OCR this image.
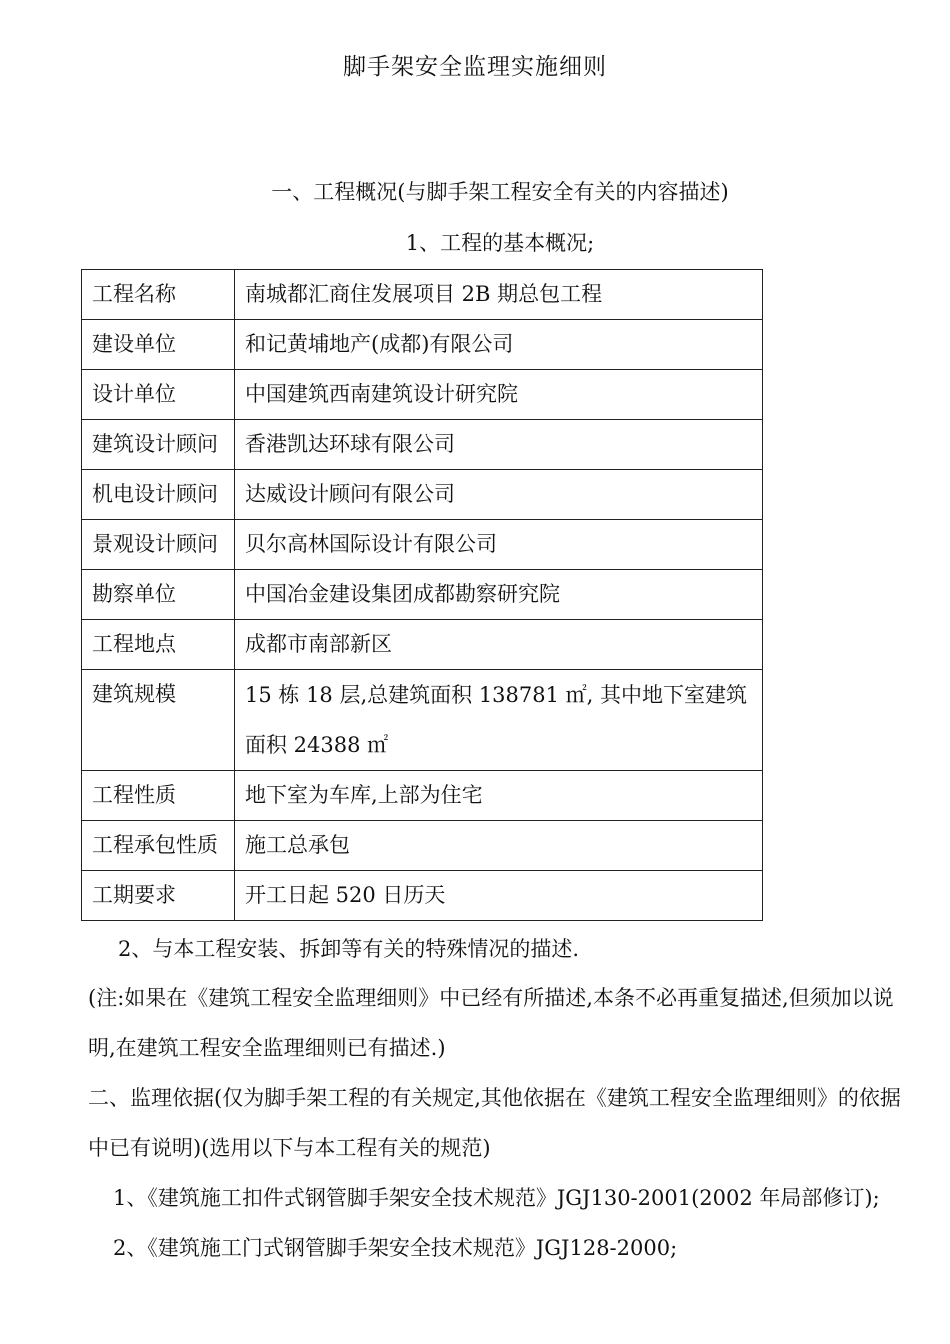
脚手架安全监理实施细则
一、工程概况(与脚手架工程安全有关的内容描述)
1、工程的基本概况;
工程名称	南城都汇商住发展项目 2B 期总包工程
建设单位	和记黄埔地产(成都)有限公司
设计单位	中国建筑西南建筑设计研究院
建筑设计顾问	香港凯达环球有限公司
机电设计顾问	达威设计顾问有限公司
景观设计顾问	贝尔高林国际设计有限公司
勘察单位	中国冶金建设集团成都勘察研究院
工程地点	成都市南部新区
建筑规模	15 栋 18 层,总建筑面积 138781 ㎡, 其中地下室建筑面积 24388 ㎡
工程性质	地下室为车库,上部为住宅
工程承包性质	施工总承包
工期要求	开工日起 520 日历天
2、与本工程安装、拆卸等有关的特殊情况的描述.
(注:如果在《建筑工程安全监理细则》中已经有所描述,本条不必再重复描述,但须加以说明,在建筑工程安全监理细则已有描述.)
二、监理依据(仅为脚手架工程的有关规定,其他依据在《建筑工程安全监理细则》的依据中已有说明)(选用以下与本工程有关的规范)
1、《建筑施工扣件式钢管脚手架安全技术规范》JGJ130-2001(2002 年局部修订);
2、《建筑施工门式钢管脚手架安全技术规范》JGJ128-2000;
